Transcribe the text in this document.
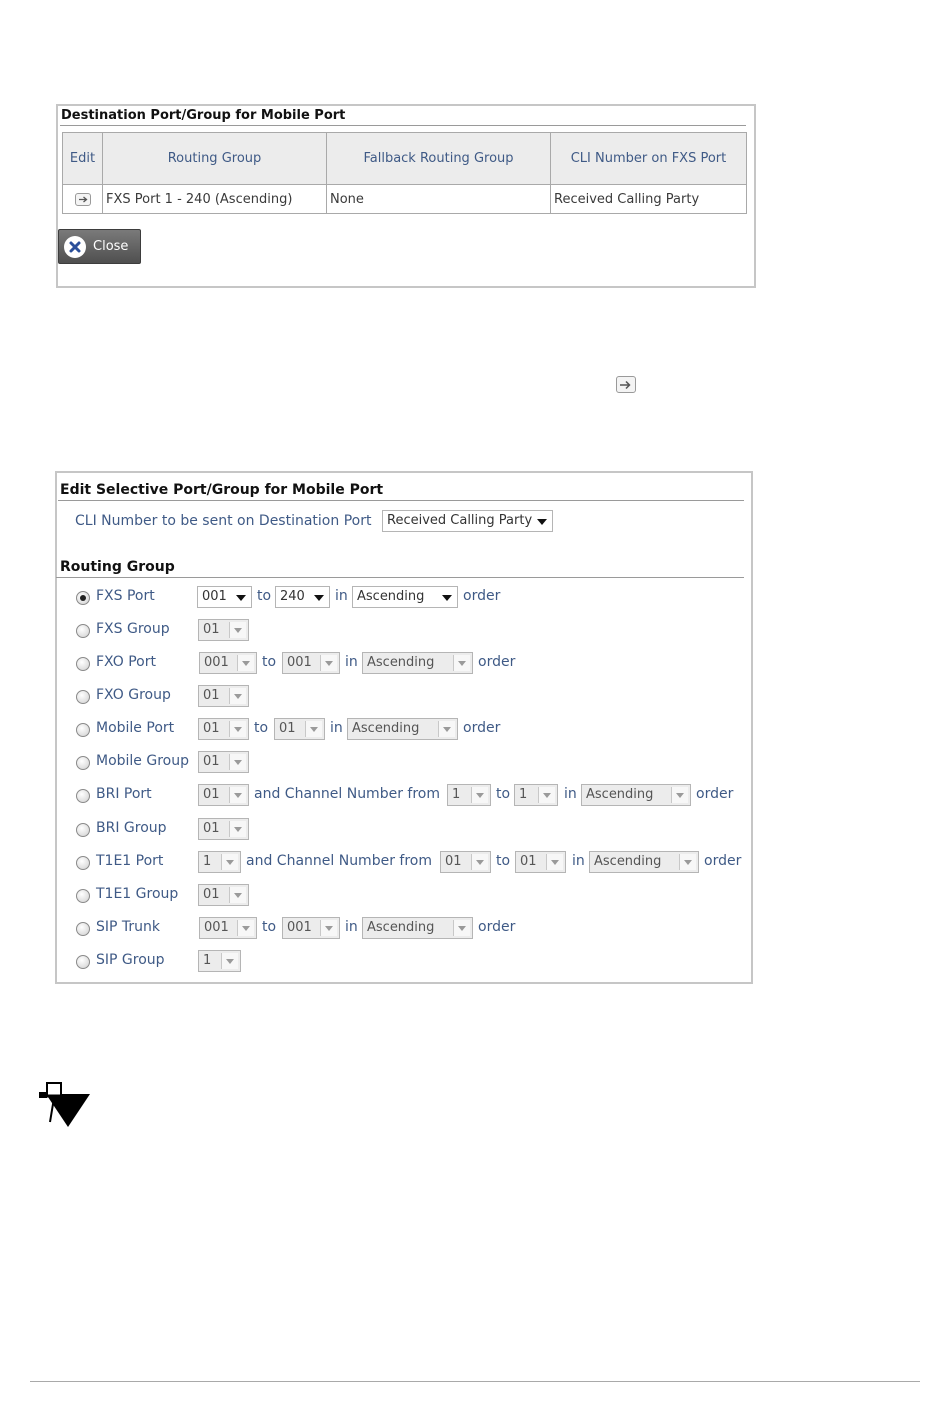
Destination Port/Group for Mobile Port
Edit	Routing Group	Fallback Routing Group	CLI Number on FXS Port

	FXS Port 1 - 240 (Ascending)	None	Received Calling Party
Close
Edit Selective Port/Group for Mobile Port
CLI Number to be sent on Destination Port	Received Calling Party
Routing Group
FXS Port	001	to 240	in Ascending	order
FXS Group	01
FXO Port	001	to 001	in Ascending	order
FXO Group	01
Mobile Port	01	to 01	in Ascending	order
Mobile Group	01
BRI Port	01	and Channel Number from 1	to 1	in Ascending	order
BRI Group	01
T1E1 Port	1	and Channel Number from	01	to 01	in Ascending	order
T1E1 Group	01
SIP Trunk	001	to 001	in Ascending	order
SIP Group	1
